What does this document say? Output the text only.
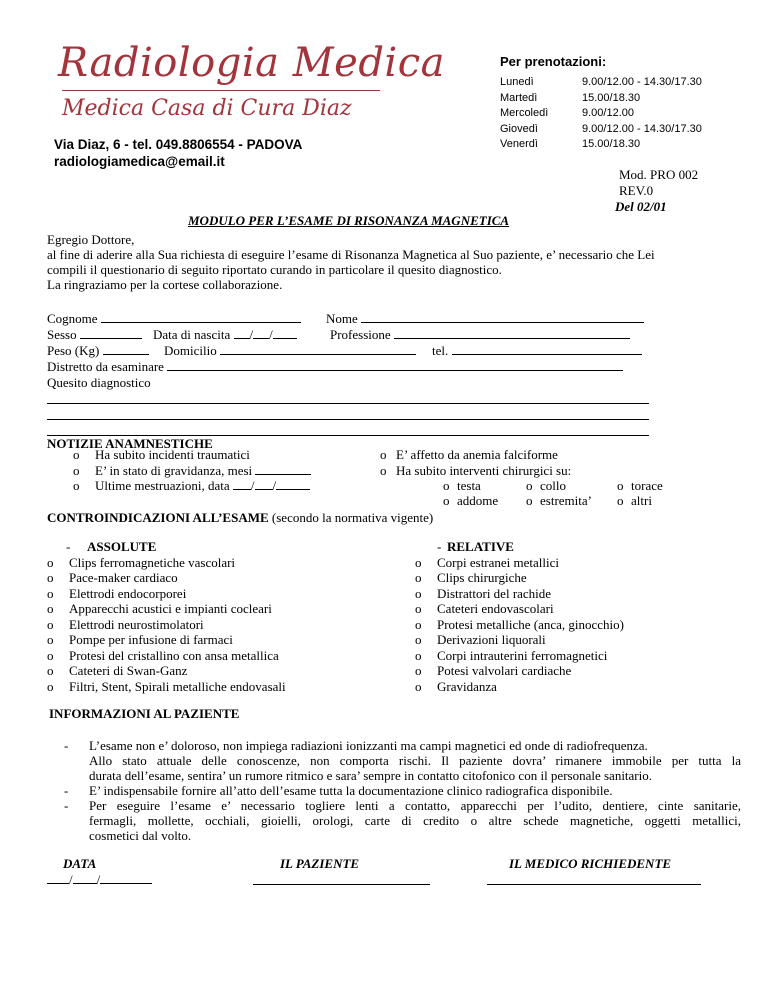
Radiologia Medica
Medica Casa di Cura Diaz
Via Diaz, 6 - tel. 049.8806554 - PADOVA
radiologiamedica@email.it
Per prenotazioni:
Lunedì	9.00/12.00 - 14.30/17.30
Martedì	15.00/18.30
Mercoledì	9.00/12.00
Giovedì	9.00/12.00 - 14.30/17.30
Venerdì	15.00/18.30
Mod. PRO 002
REV.0
Del 02/01
MODULO PER L’ESAME DI RISONANZA MAGNETICA
Egregio Dottore,
al fine di aderire alla Sua richiesta di eseguire l’esame di Risonanza Magnetica al Suo paziente, e’ necessario che Lei
compili il questionario di seguito riportato curando in particolare il quesito diagnostico.
La ringraziamo per la cortese collaborazione.
Cognome	Nome
Sesso	Data di nascita / /	Professione
Peso (Kg)	Domicilio	tel.
Distretto da esaminare
Quesito diagnostico
NOTIZIE ANAMNESTICHE
o Ha subito incidenti traumatici
o E’ in stato di gravidanza, mesi
o Ultime mestruazioni, data / /
o E’ affetto da anemia falciforme
o Ha subito interventi chirurgici su:
o testa	o collo	o torace
o addome o estremita’ o altri
CONTROINDICAZIONI ALL’ESAME (secondo la normativa vigente)
- ASSOLUTE
o Clips ferromagnetiche vascolari
o Pace-maker cardiaco
o Elettrodi endocorporei
o Apparecchi acustici e impianti cocleari
o Elettrodi neurostimolatori
o Pompe per infusione di farmaci
o Protesi del cristallino con ansa metallica
o Cateteri di Swan-Ganz
o Filtri, Stent, Spirali metalliche endovasali
- RELATIVE
o Corpi estranei metallici
o Clips chirurgiche
o Distrattori del rachide
o Cateteri endovascolari
o Protesi metalliche (anca, ginocchio)
o Derivazioni liquorali
o Corpi intrauterini ferromagnetici
o Potesi valvolari cardiache
o Gravidanza
INFORMAZIONI AL PAZIENTE
- L’esame non e’ doloroso, non impiega radiazioni ionizzanti ma campi magnetici ed onde di radiofrequenza.
Allo stato attuale delle conoscenze, non comporta rischi. Il paziente dovra’ rimanere immobile per tutta la
durata dell’esame, sentira’ un rumore ritmico e sara’ sempre in contatto citofonico con il personale sanitario.
- E’ indispensabile fornire all’atto dell’esame tutta la documentazione clinico radiografica disponibile.
- Per eseguire l’esame e’ necessario togliere lenti a contatto, apparecchi per l’udito, dentiere, cinte sanitarie,
fermagli, mollette, occhiali, gioielli, orologi, carte di credito o altre schede magnetiche, oggetti metallici,
cosmetici dal volto.
DATA
/ /
IL PAZIENTE	IL MEDICO RICHIEDENTE
